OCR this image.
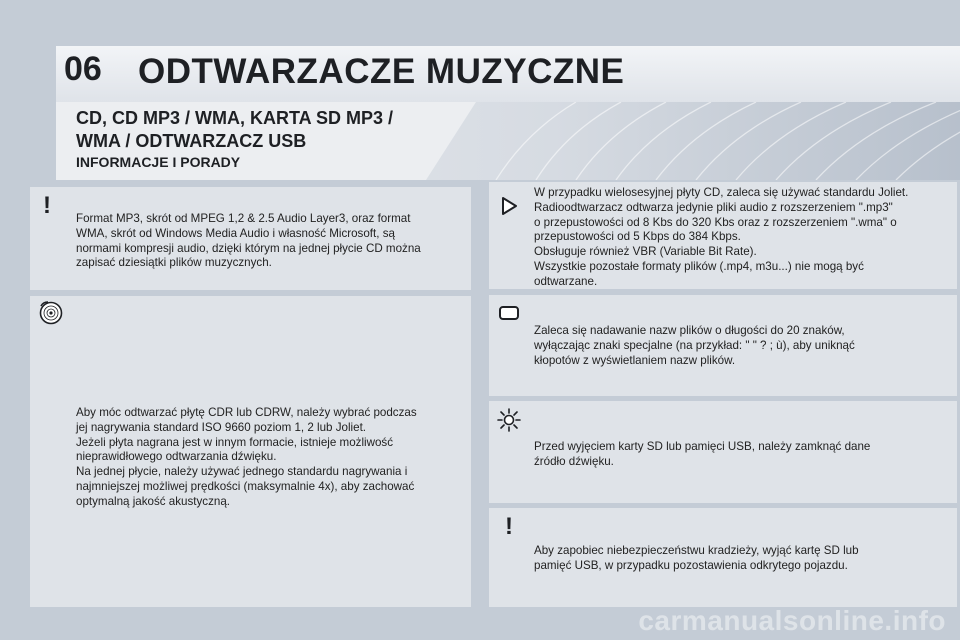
06 ODTWARZACZE MUZYCZNE
CD, CD MP3 / WMA, KARTA SD MP3 /
WMA / ODTWARZACZ USB
INFORMACJE I PORADY
! Format MP3, skrót od MPEG 1,2 & 2.5 Audio Layer3, oraz format
WMA, skrót od Windows Media Audio i własność Microsoft, są
normami kompresji audio, dzięki którym na jednej płycie CD można
zapisać dziesiątki plików muzycznych.
Aby móc odtwarzać płytę CDR lub CDRW, należy wybrać podczas
jej nagrywania standard ISO 9660 poziom 1, 2 lub Joliet.
Jeżeli płyta nagrana jest w innym formacie, istnieje możliwość
nieprawidłowego odtwarzania dźwięku.
Na jednej płycie, należy używać jednego standardu nagrywania i
najmniejszej możliwej prędkości (maksymalnie 4x), aby zachować
optymalną jakość akustyczną.
W przypadku wielosesyjnej płyty CD, zaleca się używać standardu Joliet.
Radioodtwarzacz odtwarza jedynie pliki audio z rozszerzeniem ".mp3"
o przepustowości od 8 Kbs do 320 Kbs oraz z rozszerzeniem ".wma" o
przepustowości od 5 Kbps do 384 Kbps.
Obsługuje również VBR (Variable Bit Rate).
Wszystkie pozostałe formaty plików (.mp4, m3u...) nie mogą być
odtwarzane.
Zaleca się nadawanie nazw plików o długości do 20 znaków,
wyłączając znaki specjalne (na przykład: " " ? ; ù), aby uniknąć
kłopotów z wyświetlaniem nazw plików.
Przed wyjęciem karty SD lub pamięci USB, należy zamknąć dane
źródło dźwięku.
!
Aby zapobiec niebezpieczeństwu kradzieży, wyjąć kartę SD lub
pamięć USB, w przypadku pozostawienia odkrytego pojazdu.
carmanualsonline.info
